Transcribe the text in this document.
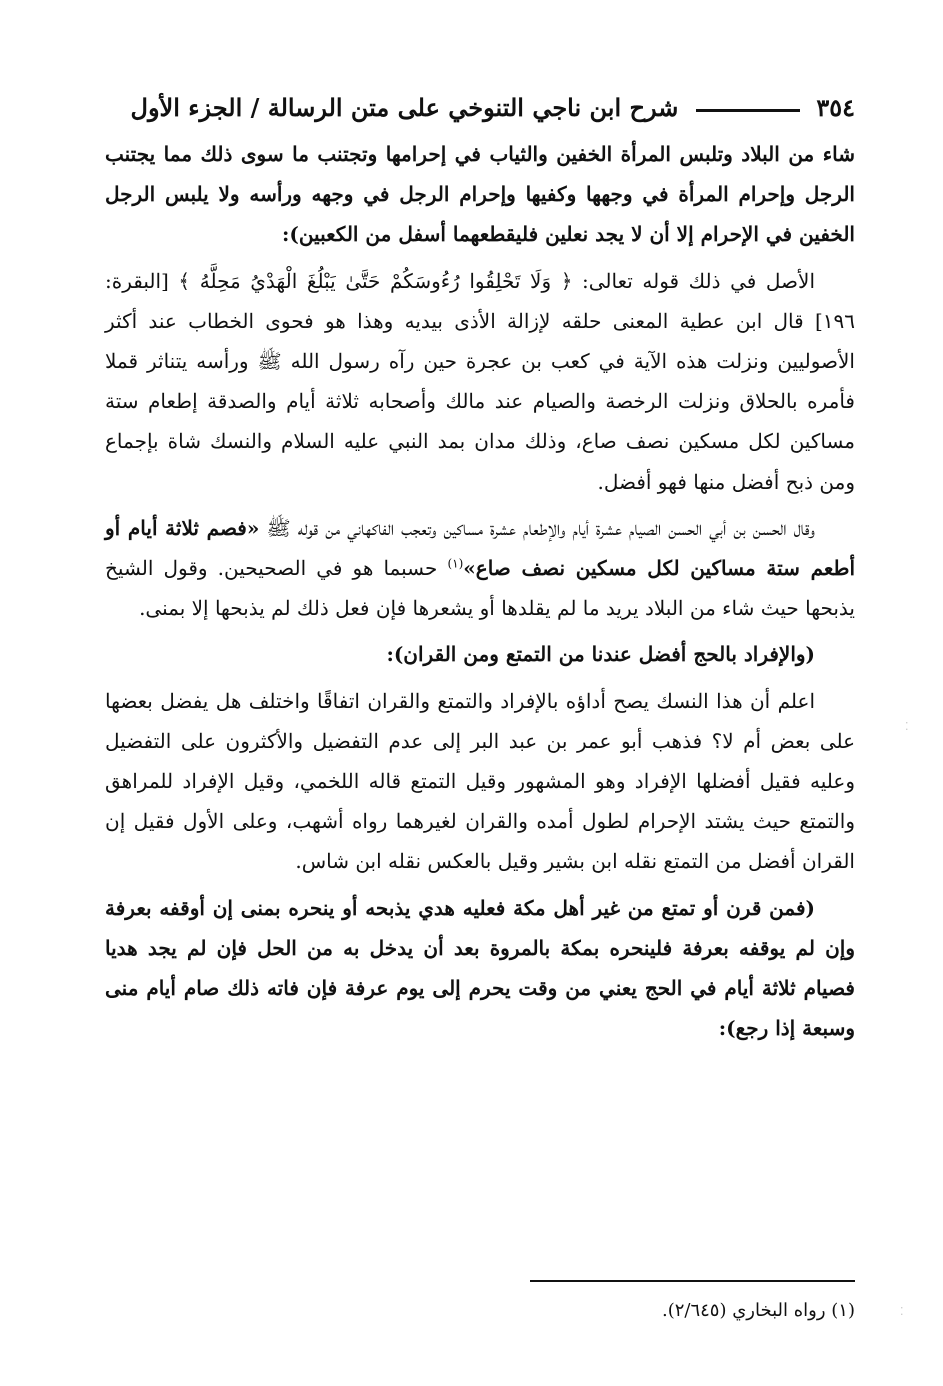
٣٥٤
شرح ابن ناجي التنوخي على متن الرسالة / الجزء الأول

شاء من البلاد وتلبس المرأة الخفين والثياب في إحرامها وتجتنب ما سوى ذلك مما يجتنب الرجل وإحرام المرأة في وجهها وكفيها وإحرام الرجل في وجهه ورأسه ولا يلبس الرجل الخفين في الإحرام إلا أن لا يجد نعلين فليقطعهما أسفل من الكعبين):

الأصل في ذلك قوله تعالى: ﴿ وَلَا تَحْلِقُوا رُءُوسَكُمْ حَتَّىٰ يَبْلُغَ الْهَدْيُ مَحِلَّهُ ﴾ [البقرة: ١٩٦] قال ابن عطية المعنى حلقه لإزالة الأذى بيديه وهذا هو فحوى الخطاب عند أكثر الأصوليين ونزلت هذه الآية في كعب بن عجرة حين رآه رسول الله ﷺ ورأسه يتناثر قملا فأمره بالحلاق ونزلت الرخصة والصيام عند مالك وأصحابه ثلاثة أيام والصدقة إطعام ستة مساكين لكل مسكين نصف صاع، وذلك مدان بمد النبي عليه السلام والنسك شاة بإجماع ومن ذبح أفضل منها فهو أفضل.

وقال الحسن بن أبي الحسن الصيام عشرة أيام والإطعام عشرة مساكين وتعجب الفاكهاني من قوله ﷺ «فصم ثلاثة أيام أو أطعم ستة مساكين لكل مسكين نصف صاع»$^{(١)}$ حسبما هو في الصحيحين. وقول الشيخ يذبحها حيث شاء من البلاد يريد ما لم يقلدها أو يشعرها فإن فعل ذلك لم يذبحها إلا بمنى.

(والإفراد بالحج أفضل عندنا من التمتع ومن القران):

اعلم أن هذا النسك يصح أداؤه بالإفراد والتمتع والقران اتفاقًا واختلف هل يفضل بعضها على بعض أم لا؟ فذهب أبو عمر بن عبد البر إلى عدم التفضيل والأكثرون على التفضيل وعليه فقيل أفضلها الإفراد وهو المشهور وقيل التمتع قاله اللخمي، وقيل الإفراد للمراهق والتمتع حيث يشتد الإحرام لطول أمده والقران لغيرهما رواه أشهب، وعلى الأول فقيل إن القران أفضل من التمتع نقله ابن بشير وقيل بالعكس نقله ابن شاس.

(فمن قرن أو تمتع من غير أهل مكة فعليه هدي يذبحه أو ينحره بمنى إن أوقفه بعرفة وإن لم يوقفه بعرفة فلينحره بمكة بالمروة بعد أن يدخل به من الحل فإن لم يجد هديا فصيام ثلاثة أيام في الحج يعني من وقت يحرم إلى يوم عرفة فإن فاته ذلك صام أيام منى وسبعة إذا رجع):

(١) رواه البخاري (٢/٦٤٥).
⁚
⁚
